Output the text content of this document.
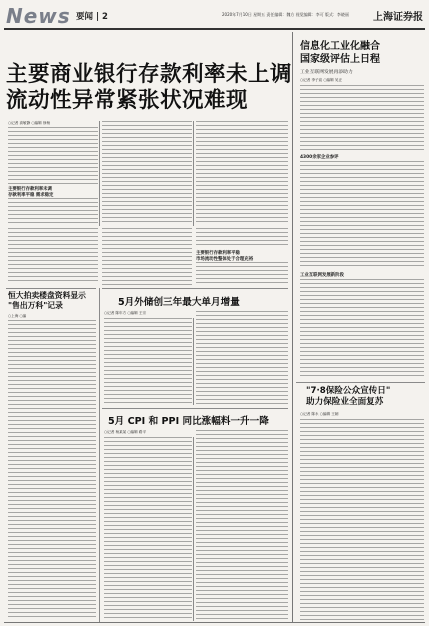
News 要闻 | 2	2020年7月10日 星期五 责任编辑：魏方 视觉编辑：李可 版式：李晓丽 上海证券报
主要商业银行存款利率未上调
流动性异常紧张状况难现
○记者 高敏静 ○编辑 徐杨
主要银行存款利率未调
存款利率平稳 需求稳定
主要银行存款利率平稳
市场流动性整体处于合理充裕
恒大拍卖楼盘资料显示
"售出万科"记录
○上海 ○编
5月外储创三年最大单月增量
○记者 陈年方 ○编辑 王宗
5月 CPI 和 PPI 同比涨幅料一升一降
○记者 杨某某 ○编辑 路平
信息化工业化融合
国家级评估上日程
工业互联网发展再添助力
○记者 李子宸 ○编辑 吴正
4300余家企业参评
工业互联网发展新阶段
"7·8保险公众宣传日"
助力保险业全面复苏
○记者 陈永 ○编辑 王朝
